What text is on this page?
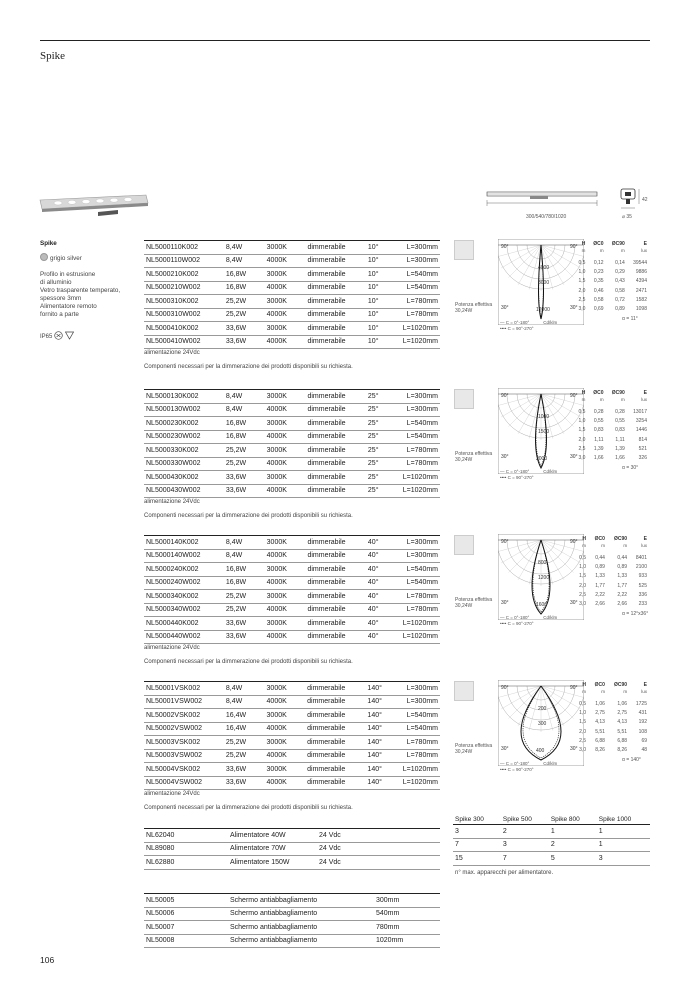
Spike
300/540/780/1020	⌀ 35
42
Spike
grigio silver
Profilo in estrusione
di alluminio
Vetro trasparente temperato,
spessore 3mm
Alimentatore remoto
fornito a parte
IP65
NL5000110K002	8,4W	3000K	dimmerabile	10°	L=300mm
NL5000110W002	8,4W	4000K	dimmerabile	10°	L=300mm
NL5000210K002	16,8W	3000K	dimmerabile	10°	L=540mm
NL5000210W002	16,8W	4000K	dimmerabile	10°	L=540mm
NL5000310K002	25,2W	3000K	dimmerabile	10°	L=780mm
NL5000310W002	25,2W	4000K	dimmerabile	10°	L=780mm
NL5000410K002	33,6W	3000K	dimmerabile	10°	L=1020mm
NL5000410W002	33,6W	4000K	dimmerabile	10°	L=1020mm
alimentazione 24Vdc
Componenti necessari per la dimmerazione dei prodotti disponibili su richiesta.
Potenza effettiva
30,24W
90°	90°
4000
8000
30°	30°
12000
— C = 0°-180°	Cd/klm
•••• C = 90°-270°
H	ØC0	ØC90	E
m	m	m	lux

0,5	0,12	0,14	39544
1,0	0,23	0,29	9886
1,5	0,35	0,43	4394
2,0	0,46	0,58	2471
2,5	0,58	0,72	1582
3,0	0,69	0,89	1098
α = 11°
NL5000130K002	8,4W	3000K	dimmerabile	25°	L=300mm
NL5000130W002	8,4W	4000K	dimmerabile	25°	L=300mm
NL5000230K002	16,8W	3000K	dimmerabile	25°	L=540mm
NL5000230W002	16,8W	4000K	dimmerabile	25°	L=540mm
NL5000330K002	25,2W	3000K	dimmerabile	25°	L=780mm
NL5000330W002	25,2W	4000K	dimmerabile	25°	L=780mm
NL5000430K002	33,6W	3000K	dimmerabile	25°	L=1020mm
NL5000430W002	33,6W	4000K	dimmerabile	25°	L=1020mm
alimentazione 24Vdc
Componenti necessari per la dimmerazione dei prodotti disponibili su richiesta.
Potenza effettiva
30,24W
90°	90°
1000
1500
30°	30°
2000
— C = 0°-180°	Cd/klm
•••• C = 90°-270°
H	ØC0	ØC90	E
m	m	m	lux

0,5	0,28	0,28	13017
1,0	0,55	0,55	3254
1,5	0,83	0,83	1446
2,0	1,11	1,11	814
2,5	1,39	1,39	521
3,0	1,66	1,66	326
α = 30°
NL5000140K002	8,4W	3000K	dimmerabile	40°	L=300mm
NL5000140W002	8,4W	4000K	dimmerabile	40°	L=300mm
NL5000240K002	16,8W	3000K	dimmerabile	40°	L=540mm
NL5000240W002	16,8W	4000K	dimmerabile	40°	L=540mm
NL5000340K002	25,2W	3000K	dimmerabile	40°	L=780mm
NL5000340W002	25,2W	4000K	dimmerabile	40°	L=780mm
NL5000440K002	33,6W	3000K	dimmerabile	40°	L=1020mm
NL5000440W002	33,6W	4000K	dimmerabile	40°	L=1020mm
alimentazione 24Vdc
Componenti necessari per la dimmerazione dei prodotti disponibili su richiesta.
Potenza effettiva
30,24W
90°	90°
800
1200
30°	30°
1600
— C = 0°-180°	Cd/klm
•••• C = 90°-270°
H	ØC0	ØC90	E
m	m	m	lux

0,5	0,44	0,44	8401
1,0	0,89	0,89	2100
1,5	1,33	1,33	933
2,0	1,77	1,77	525
2,5	2,22	2,22	336
3,0	2,66	2,66	233
α = 12°x36°
NL50001VSK002	8,4W	3000K	dimmerabile	140°	L=300mm
NL50001VSW002	8,4W	4000K	dimmerabile	140°	L=300mm
NL50002VSK002	16,4W	3000K	dimmerabile	140°	L=540mm
NL50002VSW002	16,4W	4000K	dimmerabile	140°	L=540mm
NL50003VSK002	25,2W	3000K	dimmerabile	140°	L=780mm
NL50003VSW002	25,2W	4000K	dimmerabile	140°	L=780mm
NL50004VSK002	33,6W	3000K	dimmerabile	140°	L=1020mm
NL50004VSW002	33,6W	4000K	dimmerabile	140°	L=1020mm
alimentazione 24Vdc
Componenti necessari per la dimmerazione dei prodotti disponibili su richiesta.
Potenza effettiva
30,24W
90°	90°
200
300
30°	30°
400
— C = 0°-180°	Cd/klm
•••• C = 90°-270°
H	ØC0	ØC90	E
m	m	m	lux

0,5	1,06	1,06	1725
1,0	2,75	2,75	431
1,5	4,13	4,13	192
2,0	5,51	5,51	108
2,5	6,88	6,88	69
3,0	8,26	8,26	48
α = 140°
Spike 300	Spike 500	Spike 800	Spike 1000
3	2	1	1
7	3	2	1
15	7	5	3
n° max. apparecchi per alimentatore.
NL62040	Alimentatore 40W	24 Vdc
NL89080	Alimentatore 70W	24 Vdc
NL62880	Alimentatore 150W	24 Vdc
NL50005	Schermo antiabbagliamento	300mm
NL50006	Schermo antiabbagliamento	540mm
NL50007	Schermo antiabbagliamento	780mm
NL50008	Schermo antiabbagliamento	1020mm
106
